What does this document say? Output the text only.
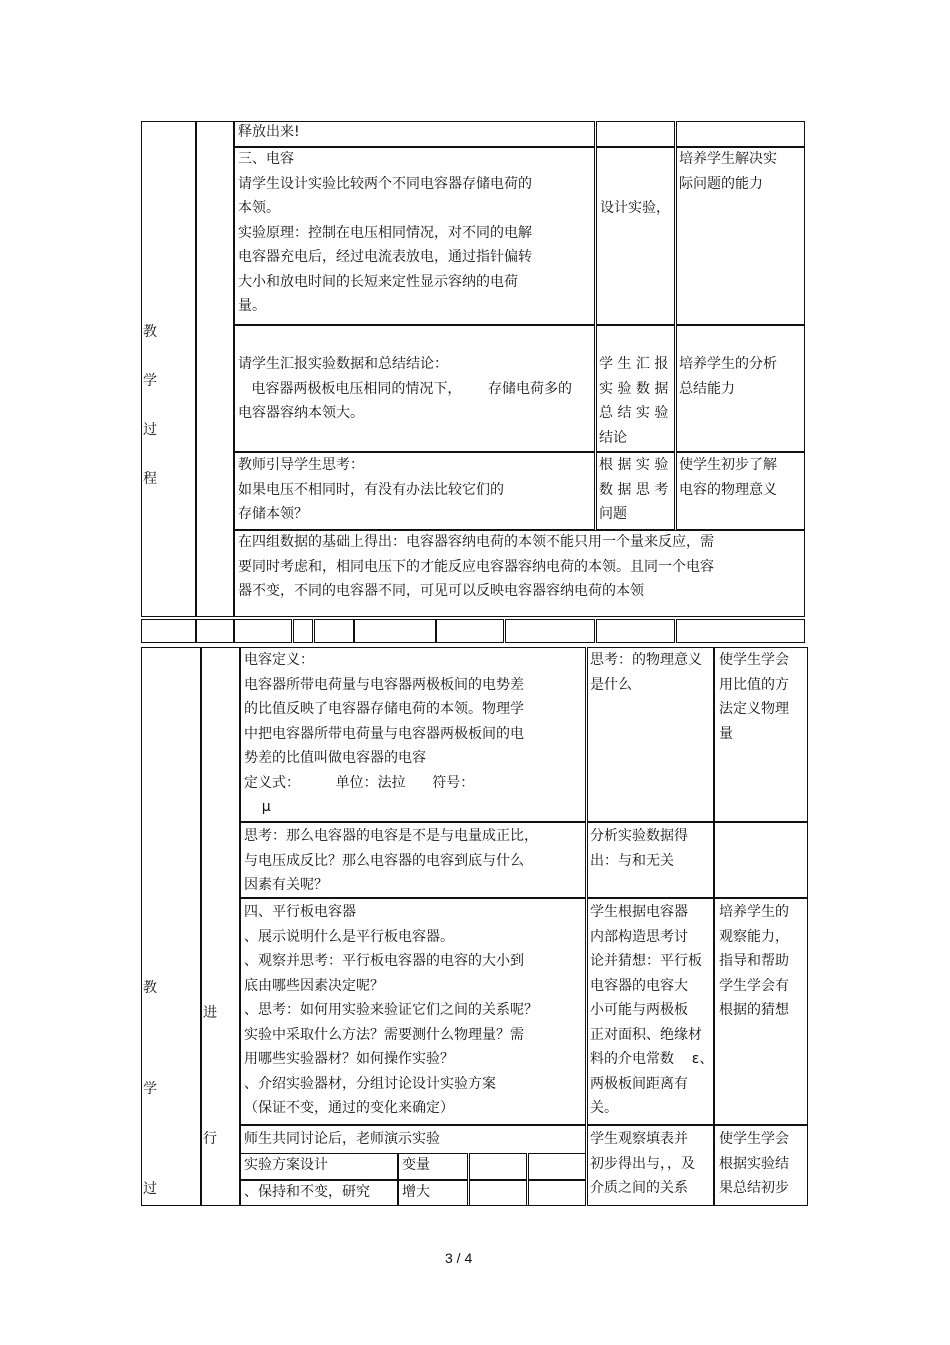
教

学

过

程
释放出来!
三、电容
请学生设计实验比较两个不同电容器存储电荷的
本领。
实验原理：控制在电压相同情况，对不同的电解
电容器充电后，经过电流表放电，通过指针偏转
大小和放电时间的长短来定性显示容纳的电荷
量。
设计实验，
培养学生解决实
际问题的能力
请学生汇报实验数据和总结结论：
电容器两极板电压相同的情况下，      存储电荷多的
电容器容纳本领大。
学 生 汇 报
实 验 数 据
总 结 实 验
结论
培养学生的分析
总结能力
教师引导学生思考：
如果电压不相同时，有没有办法比较它们的
存储本领？
根 据 实 验
数 据 思 考
问题
使学生初步了解
电容的物理意义
在四组数据的基础上得出：电容器容纳电荷的本领不能只用一个量来反应，需
要同时考虑和，相同电压下的才能反应电容器容纳电荷的本领。且同一个电容
器不变，不同的电容器不同，可见可以反映电容器容纳电荷的本领
教
学
过
进
行
电容定义：
电容器所带电荷量与电容器两极板间的电势差
的比值反映了电容器存储电荷的本领。物理学
中把电容器所带电荷量与电容器两极板间的电
势差的比值叫做电容器的电容
定义式：        单位：法拉      符号：
μ
思考：的物理意义
是什么
使学生学会
用比值的方
法定义物理
量
思考：那么电容器的电容是不是与电量成正比，
与电压成反比？那么电容器的电容到底与什么
因素有关呢？
分析实验数据得
出：与和无关
四、平行板电容器
、展示说明什么是平行板电容器。
、观察并思考：平行板电容器的电容的大小到
底由哪些因素决定呢？
、思考：如何用实验来验证它们之间的关系呢？
实验中采取什么方法？需要测什么物理量？需
用哪些实验器材？如何操作实验？
、介绍实验器材，分组讨论设计实验方案
（保证不变，通过的变化来确定）
学生根据电容器
内部构造思考讨
论并猜想：平行板
电容器的电容大
小可能与两极板
正对面积、绝缘材
料的介电常数    ε、
两极板间距离有
关。
培养学生的
观察能力，
指导和帮助
学生学会有
根据的猜想
师生共同讨论后，老师演示实验
实验方案设计	变量
、保持和不变，研究 增大
学生观察填表并
初步得出与，，及
介质之间的关系
使学生学会
根据实验结
果总结初步
3 / 4
